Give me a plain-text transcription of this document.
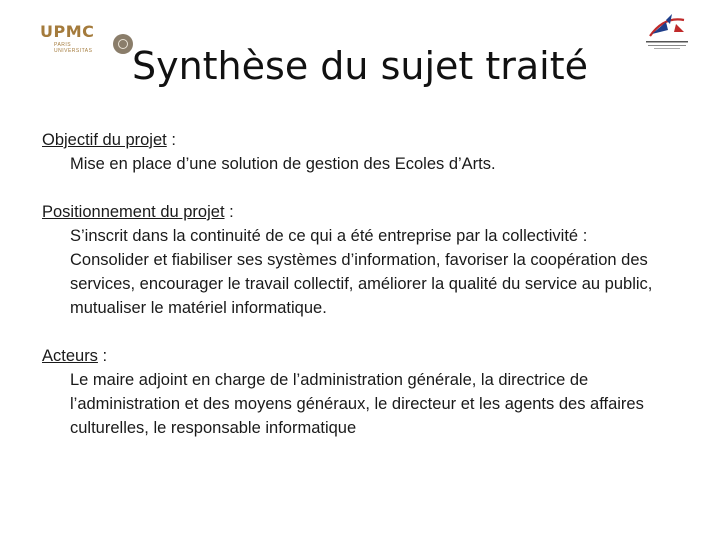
UPMC
PARIS UNIVERSITAS	Synthèse du sujet traité

Objectif du projet :

Mise en place d’une solution de gestion des Ecoles d’Arts.

Positionnement du projet :

S’inscrit dans la continuité de ce qui a été entreprise par la collectivité : Consolider et fiabiliser ses systèmes d’information, favoriser la coopération des services, encourager le travail collectif, améliorer la qualité du service au public, mutualiser le matériel informatique.

Acteurs :

Le maire adjoint en charge de l’administration générale, la directrice de l’administration et des moyens généraux, le directeur et les agents des affaires culturelles, le responsable informatique
